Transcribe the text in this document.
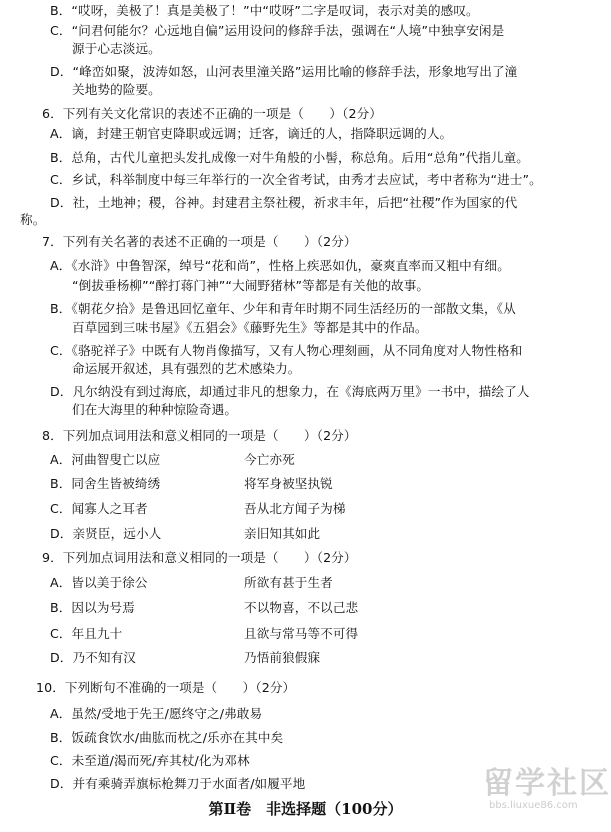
B．“哎呀，美极了！真是美极了！”中“哎呀”二字是叹词，表示对美的感叹。
C．“问君何能尔？心远地自偏”运用设问的修辞手法，强调在“人境”中独享安闲是
源于心志淡远。
D．“峰峦如聚，波涛如怒，山河表里潼关路”运用比喻的修辞手法，形象地写出了潼
关地势的险要。
6．下列有关文化常识的表述不正确的一项是（　　）（2分）
A．谪，封建王朝官吏降职或远调；迁客，谪迁的人，指降职远调的人。
B．总角，古代儿童把头发扎成像一对牛角般的小髻，称总角。后用“总角”代指儿童。
C．乡试，科举制度中每三年举行的一次全省考试，由秀才去应试，考中者称为“进士”。
D．社，土地神；稷，谷神。封建君主祭社稷，祈求丰年，后把“社稷”作为国家的代
称。
7．下列有关名著的表述不正确的一项是（　　）（2分）
A．《水浒》中鲁智深，绰号“花和尚”，性格上疾恶如仇，豪爽直率而又粗中有细。
“倒拔垂杨柳”“醉打蒋门神”“大闹野猪林”等都是有关他的故事。
B．《朝花夕拾》是鲁迅回忆童年、少年和青年时期不同生活经历的一部散文集，《从
百草园到三味书屋》《五猖会》《藤野先生》等都是其中的作品。
C．《骆驼祥子》中既有人物肖像描写，又有人物心理刻画，从不同角度对人物性格和
命运展开叙述，具有强烈的艺术感染力。
D．凡尔纳没有到过海底，却通过非凡的想象力，在《海底两万里》一书中，描绘了人
们在大海里的种种惊险奇遇。
8．下列加点词用法和意义相同的一项是（　　）（2分）
A．河曲智叟亡以应	今亡亦死
B．同舍生皆被绮绣	将军身被坚执锐
C．闻寡人之耳者	吾从北方闻子为梯
D．亲贤臣，远小人	亲旧知其如此
9．下列加点词用法和意义相同的一项是（　　）（2分）
A．皆以美于徐公	所欲有甚于生者
B．因以为号焉	不以物喜，不以己悲
C．年且九十	且欲与常马等不可得
D．乃不知有汉	乃悟前狼假寐
10．下列断句不准确的一项是（　　）（2分）
A．虽然/受地于先王/愿终守之/弗敢易
B．饭疏食饮水/曲肱而枕之/乐亦在其中矣
C．未至道/渴而死/弃其杖/化为邓林
D．并有乘骑弄旗标枪舞刀于水面者/如履平地
第Ⅱ卷　非选择题（100分）
留学社区
bbs.liuxue86.com
